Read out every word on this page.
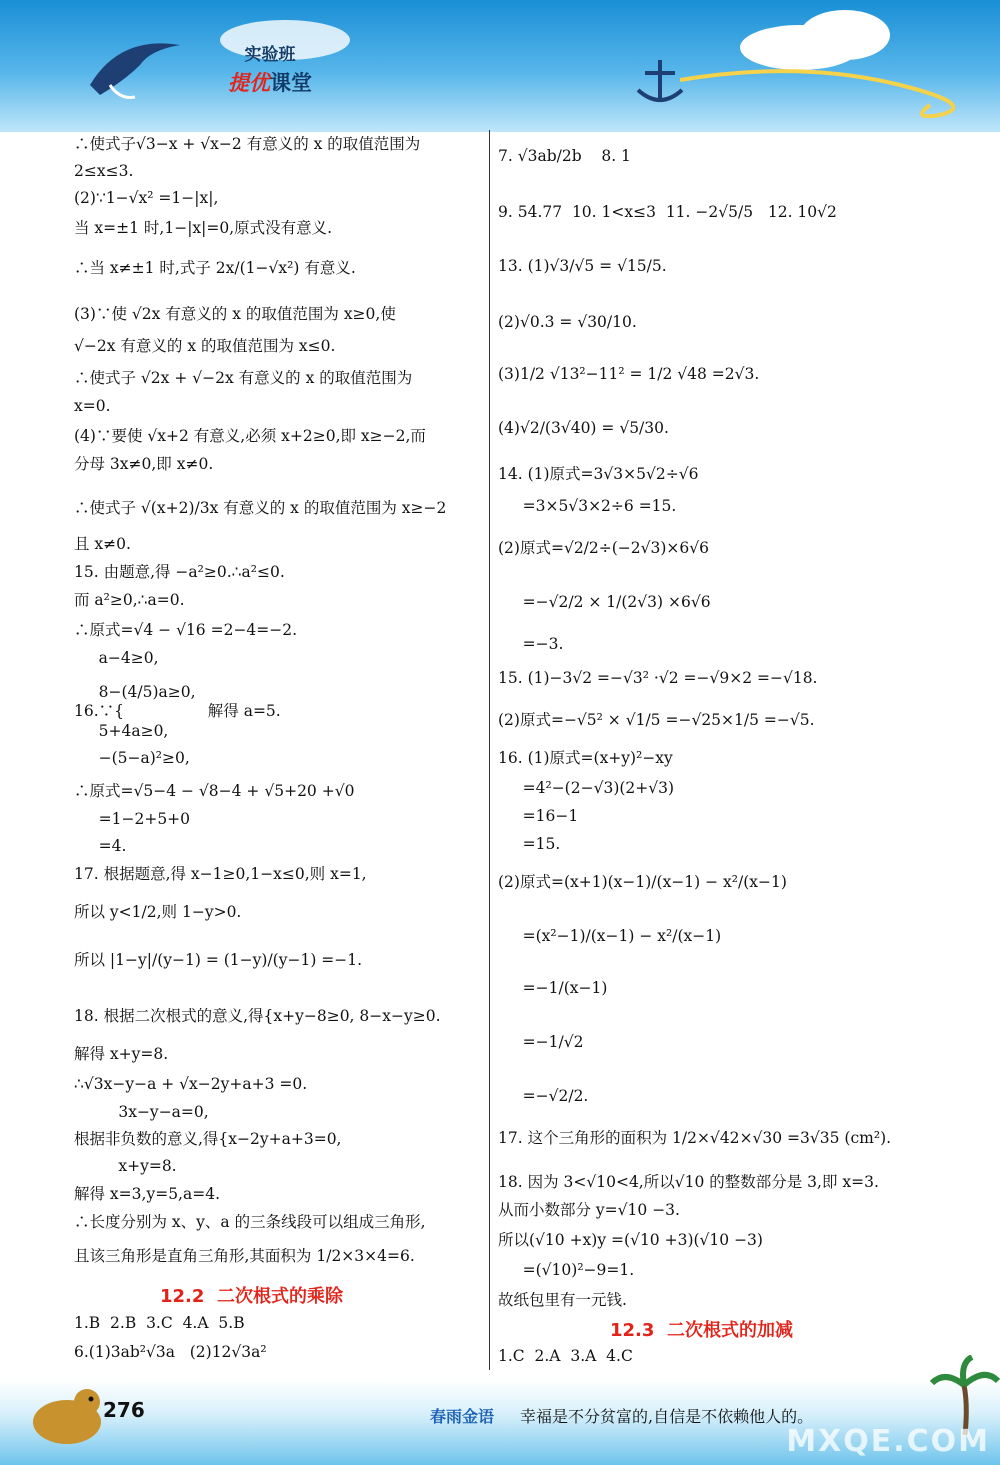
实验班
提优课堂
∴使式子√3−x + √x−2 有意义的 x 的取值范围为
2≤x≤3.
(2)∵1−√x² =1−|x|,
当 x=±1 时,1−|x|=0,原式没有意义.
∴当 x≠±1 时,式子 2x/(1−√x²) 有意义.
(3)∵使 √2x 有意义的 x 的取值范围为 x≥0,使
√−2x 有意义的 x 的取值范围为 x≤0.
∴使式子 √2x + √−2x 有意义的 x 的取值范围为
x=0.
(4)∵要使 √x+2 有意义,必须 x+2≥0,即 x≥−2,而
分母 3x≠0,即 x≠0.
∴使式子 √(x+2)/3x 有意义的 x 的取值范围为 x≥−2
且 x≠0.
15. 由题意,得 −a²≥0.∴a²≤0.
而 a²≥0,∴a=0.
∴原式=√4 − √16 =2−4=−2.
a−4≥0,
8−(4/5)a≥0,
16.∵{                 解得 a=5.
5+4a≥0,
−(5−a)²≥0,
∴原式=√5−4 − √8−4 + √5+20 +√0
=1−2+5+0
=4.
17. 根据题意,得 x−1≥0,1−x≤0,则 x=1,
所以 y<1/2,则 1−y>0.
所以 |1−y|/(y−1) = (1−y)/(y−1) =−1.
18. 根据二次根式的意义,得{x+y−8≥0, 8−x−y≥0.
解得 x+y=8.
∴√3x−y−a + √x−2y+a+3 =0.
3x−y−a=0,
根据非负数的意义,得{x−2y+a+3=0,
x+y=8.
解得 x=3,y=5,a=4.
∴长度分别为 x、y、a 的三条线段可以组成三角形,
且该三角形是直角三角形,其面积为 1/2×3×4=6.
1.B  2.B  3.C  4.A  5.B
6.(1)3ab²√3a   (2)12√3a²
12.2  二次根式的乘除
7. √3ab/2b    8. 1
9. 54.77  10. 1<x≤3  11. −2√5/5   12. 10√2
13. (1)√3/√5 = √15/5.
(2)√0.3 = √30/10.
(3)1/2 √13²−11² = 1/2 √48 =2√3.
(4)√2/(3√40) = √5/30.
14. (1)原式=3√3×5√2÷√6
=3×5√3×2÷6 =15.
(2)原式=√2/2÷(−2√3)×6√6
=−√2/2 × 1/(2√3) ×6√6
=−3.
15. (1)−3√2 =−√3² ·√2 =−√9×2 =−√18.
(2)原式=−√5² × √1/5 =−√25×1/5 =−√5.
16. (1)原式=(x+y)²−xy
=4²−(2−√3)(2+√3)
=16−1
=15.
(2)原式=(x+1)(x−1)/(x−1) − x²/(x−1)
=(x²−1)/(x−1) − x²/(x−1)
=−1/(x−1)
=−1/√2
=−√2/2.
17. 这个三角形的面积为 1/2×√42×√30 =3√35 (cm²).
18. 因为 3<√10<4,所以√10 的整数部分是 3,即 x=3.
从而小数部分 y=√10 −3.
所以(√10 +x)y =(√10 +3)(√10 −3)
=(√10)²−9=1.
故纸包里有一元钱.
1.C  2.A  3.A  4.C
12.3  二次根式的加减
276	春雨金语 幸福是不分贫富的,自信是不依赖他人的。
MXQE.COM
